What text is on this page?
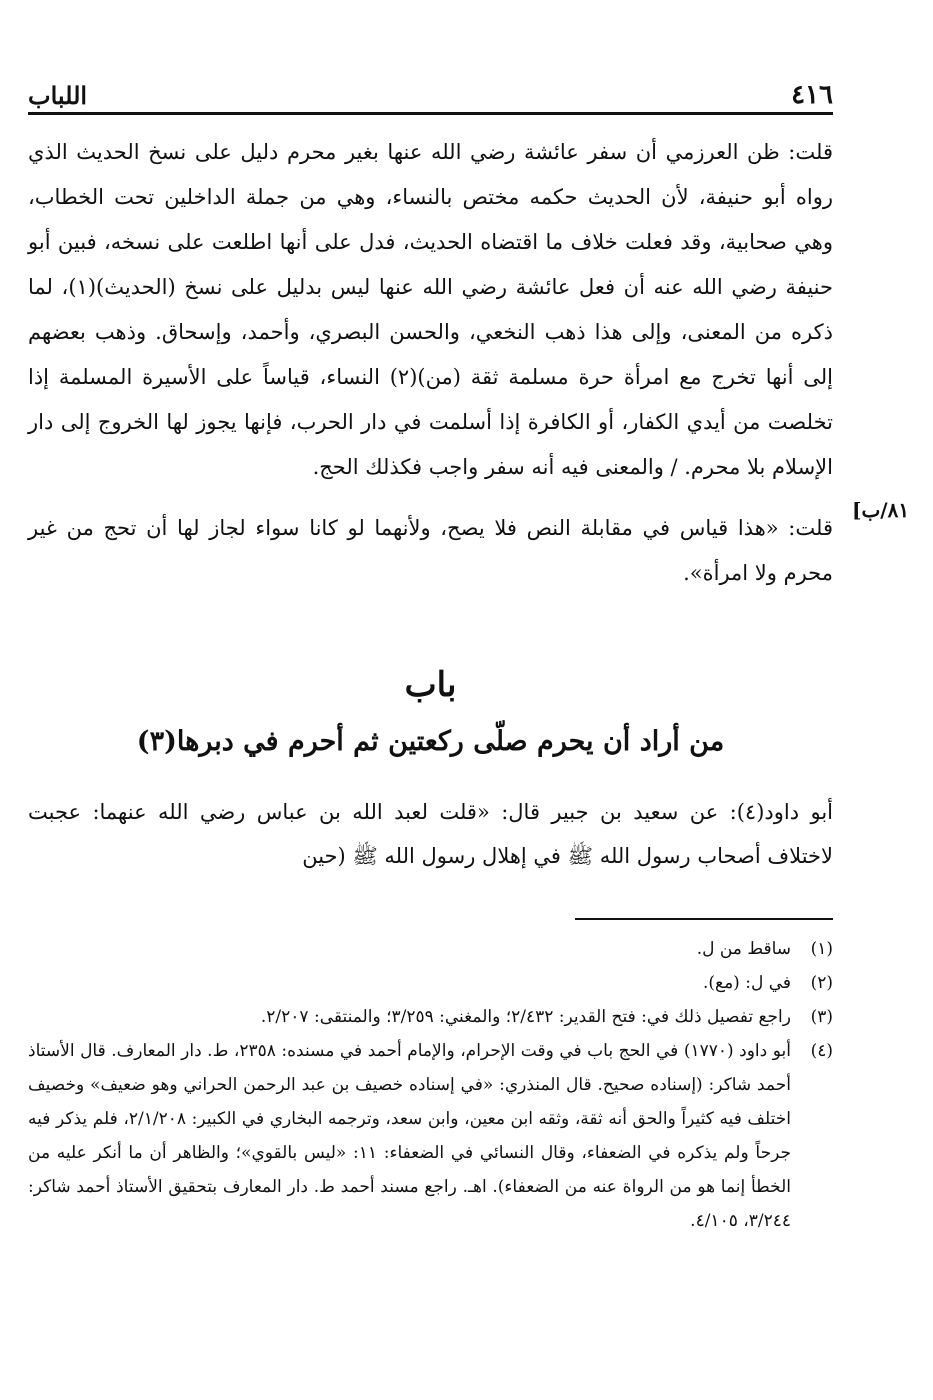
٤١٦
اللباب

قلت: ظن العرزمي أن سفر عائشة رضي الله عنها بغير محرم دليل على نسخ الحديث الذي رواه أبو حنيفة، لأن الحديث حكمه مختص بالنساء، وهي من جملة الداخلين تحت الخطاب، وهي صحابية، وقد فعلت خلاف ما اقتضاه الحديث، فدل على أنها اطلعت على نسخه، فبين أبو حنيفة رضي الله عنه أن فعل عائشة رضي الله عنها ليس بدليل على نسخ (الحديث)(١)، لما ذكره من المعنى، وإلى هذا ذهب النخعي، والحسن البصري، وأحمد، وإسحاق. وذهب بعضهم إلى أنها تخرج مع امرأة حرة مسلمة ثقة (من)(٢) النساء، قياساً على الأسيرة المسلمة إذا تخلصت من أيدي الكفار، أو الكافرة إذا أسلمت في دار الحرب، فإنها يجوز لها الخروج إلى دار الإسلام بلا محرم. / والمعنى فيه أنه سفر واجب فكذلك الحج.

قلت: «هذا قياس في مقابلة النص فلا يصح، ولأنهما لو كانا سواء لجاز لها أن تحج من غير محرم ولا امرأة».

٨١/ب]
باب
من أراد أن يحرم صلّى ركعتين ثم أحرم في دبرها(٣)

أبو داود(٤): عن سعيد بن جبير قال: «قلت لعبد الله بن عباس رضي الله عنهما: عجبت لاختلاف أصحاب رسول الله ﷺ في إهلال رسول الله ﷺ (حين

(١)
ساقط من ل.
(٢)
في ل: (مع).
(٣)
راجع تفصيل ذلك في: فتح القدير: ٢/٤٣٢؛ والمغني: ٣/٢٥٩؛ والمنتقى: ٢/٢٠٧.
(٤)
أبو داود (١٧٧٠) في الحج باب في وقت الإحرام، والإمام أحمد في مسنده: ٢٣٥٨، ط. دار المعارف. قال الأستاذ أحمد شاكر: (إسناده صحيح. قال المنذري: «في إسناده خصيف بن عبد الرحمن الحراني وهو ضعيف» وخصيف اختلف فيه كثيراً والحق أنه ثقة، وثقه ابن معين، وابن سعد، وترجمه البخاري في الكبير: ٢/١/٢٠٨، فلم يذكر فيه جرحاً ولم يذكره في الضعفاء، وقال النسائي في الضعفاء: ١١: «ليس بالقوي»؛ والظاهر أن ما أنكر عليه من الخطأ إنما هو من الرواة عنه من الضعفاء). اهـ. راجع مسند أحمد ط. دار المعارف بتحقيق الأستاذ أحمد شاكر: ٣/٢٤٤، ٤/١٠٥.
